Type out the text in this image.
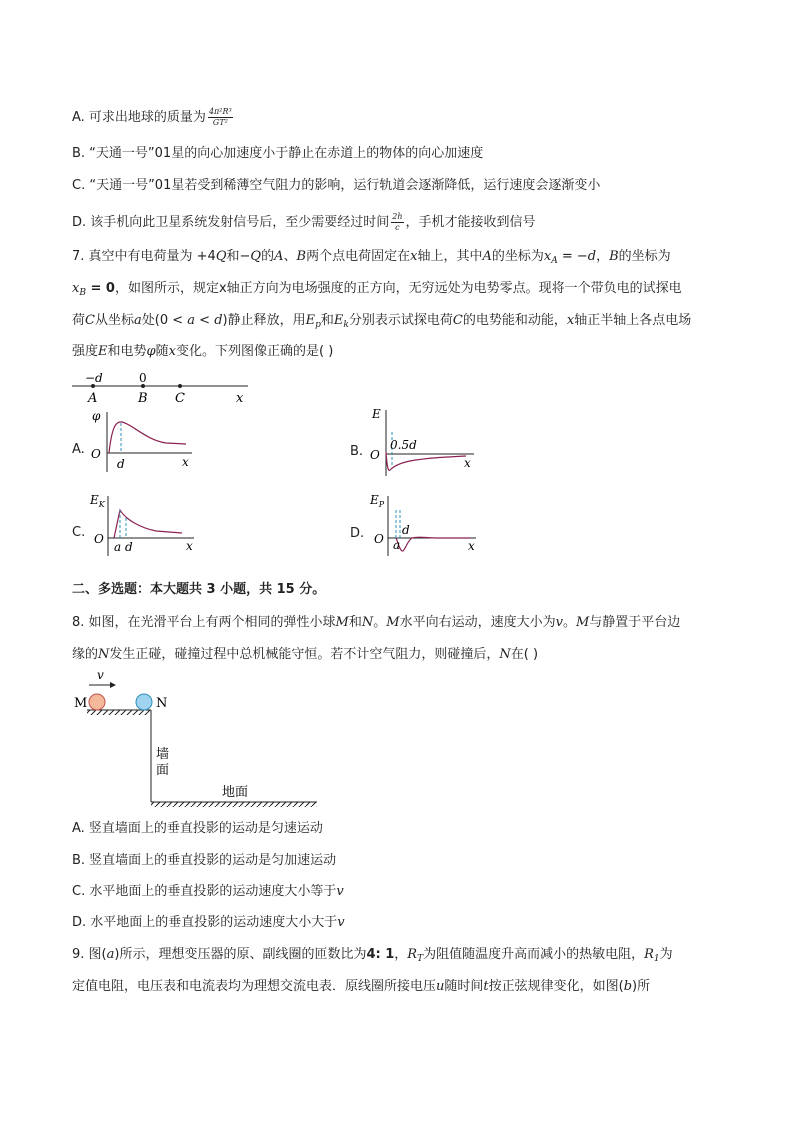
A. 可求出地球的质量为 $\frac{\text{4π²R³}}{\text{GT²}}$
B. “天通一号”01星的向心加速度小于静止在赤道上的物体的向心加速度
C. “天通一号”01星若受到稀薄空气阻力的影响，运行轨道会逐渐降低，运行速度会逐渐变小
D. 该手机向此卫星系统发射信号后，至少需要经过时间 $\frac{2h}{c}$ ，手机才能接收到信号
7. 真空中有电荷量为 +4Q和−Q的A、B两个点电荷固定在x轴上，其中A的坐标为$x_A = -d$，B的坐标为
$x_B = 0$，如图所示，规定x轴正方向为电场强度的正方向，无穷远处为电势零点。现将一个带负电的试探电
荷C从坐标a处(0 < a < d)静止释放，用$E_p$和$E_k$分别表示试探电荷C的电势能和动能，x轴正半轴上各点电场
强度E和电势φ随x变化。下列图像正确的是( )
−d	0
A	B C	x
A.
φ
O
d	x
B.
E
O
0.5d
x
C.
$E_K$
O
a d	x
D.
$E_P$
O a
d
x
二、多选题：本大题共 3 小题，共 15 分。
8. 如图，在光滑平台上有两个相同的弹性小球M和N。M水平向右运动，速度大小为v。M与静置于平台边
缘的N发生正碰，碰撞过程中总机械能守恒。若不计空气阻力，则碰撞后，N在( )
v
M	N
墙
面
地面
A. 竖直墙面上的垂直投影的运动是匀速运动
B. 竖直墙面上的垂直投影的运动是匀加速运动
C. 水平地面上的垂直投影的运动速度大小等于v
D. 水平地面上的垂直投影的运动速度大小大于v
9. 图(a)所示，理想变压器的原、副线圈的匝数比为4: 1，$R_T$为阻值随温度升高而减小的热敏电阻，$R_1$为
定值电阻，电压表和电流表均为理想交流电表．原线圈所接电压u随时间t按正弦规律变化，如图(b)所
